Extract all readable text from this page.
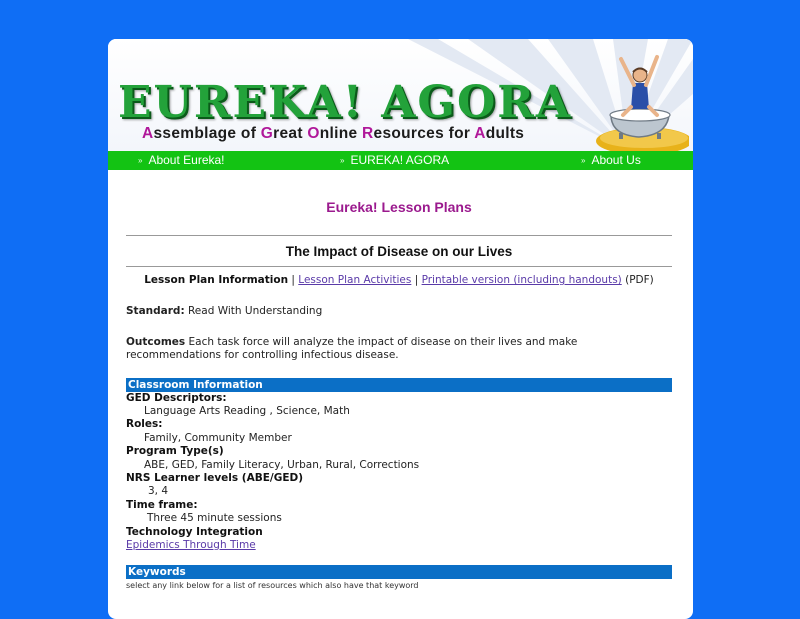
EUREKA! AGORA
Assemblage of Great Online Resources for Adults
» About Eureka!	» EUREKA! AGORA	» About Us
Eureka! Lesson Plans
The Impact of Disease on our Lives
Lesson Plan Information | Lesson Plan Activities | Printable version (including handouts) (PDF)
Standard: Read With Understanding
Outcomes Each task force will analyze the impact of disease on their lives and make recommendations for controlling infectious disease.
Classroom Information
GED Descriptors:
Language Arts Reading , Science, Math
Roles:
Family, Community Member
Program Type(s)
ABE, GED, Family Literacy, Urban, Rural, Corrections
NRS Learner levels (ABE/GED)
3, 4
Time frame:
Three 45 minute sessions
Technology Integration
Epidemics Through Time
Keywords
select any link below for a list of resources which also have that keyword
